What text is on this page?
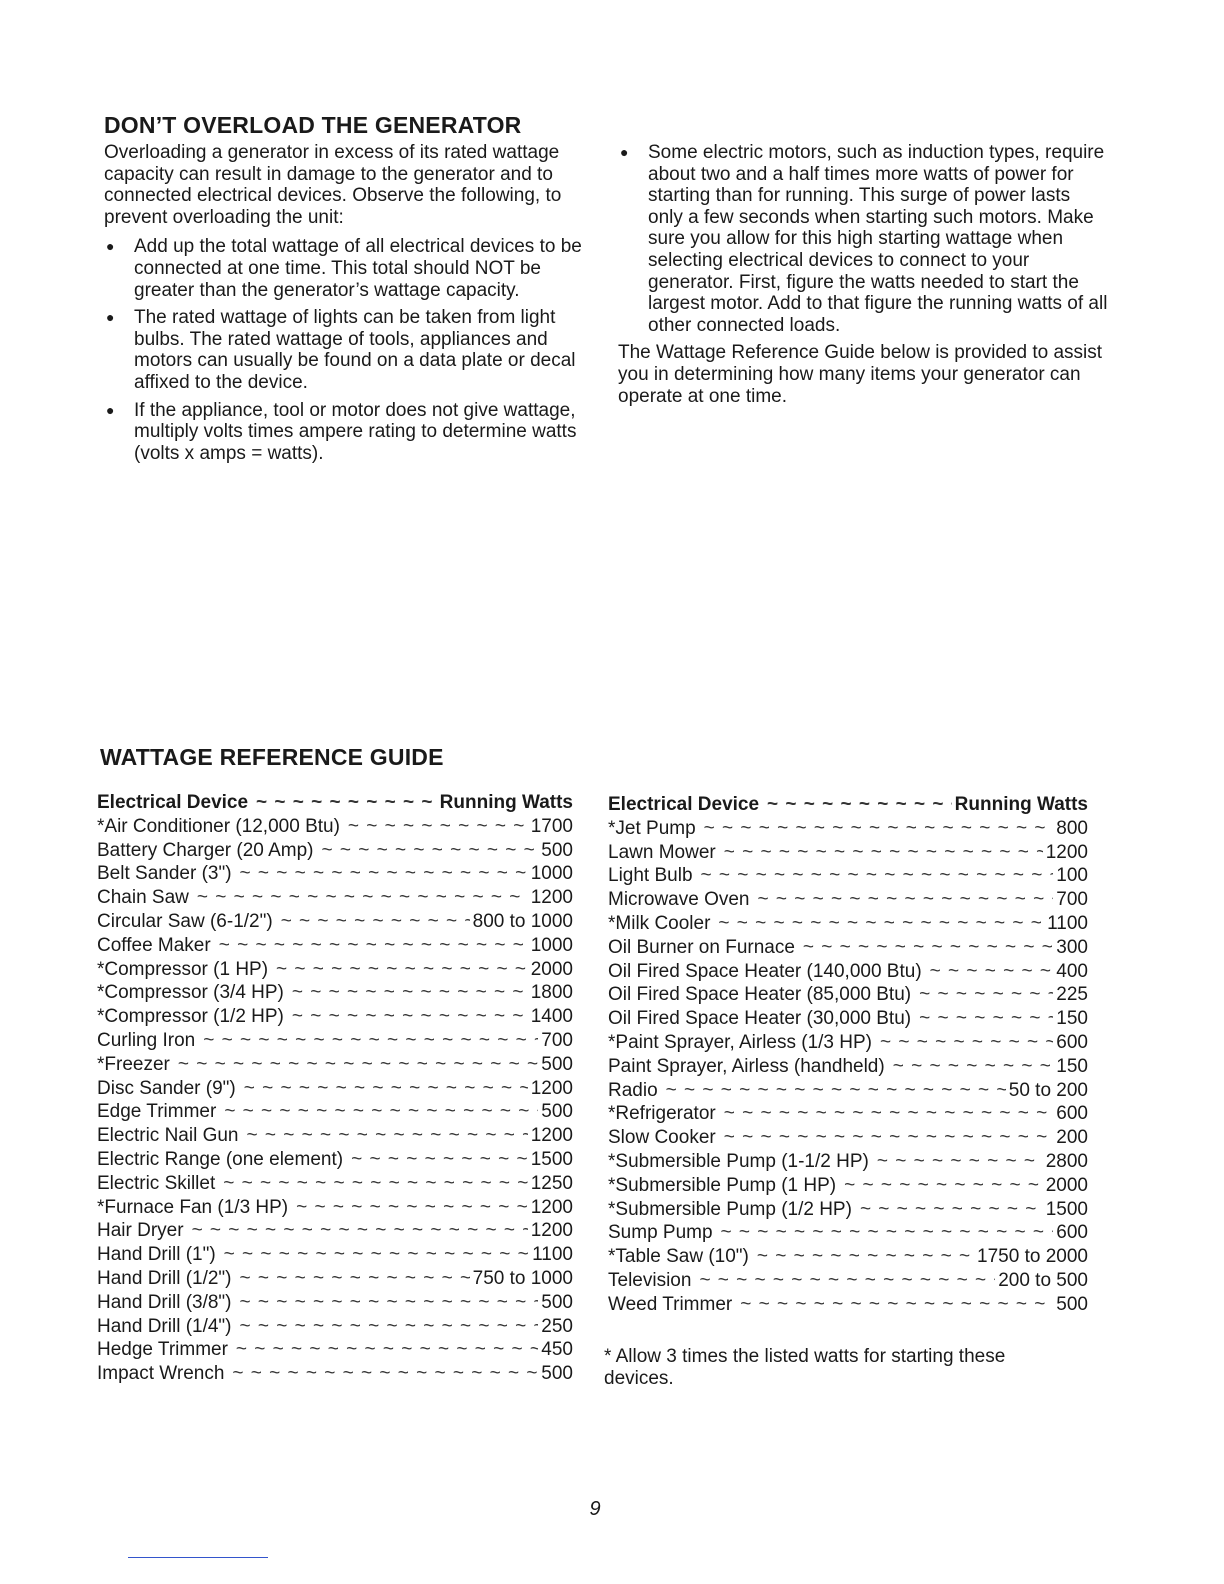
DON’T OVERLOAD THE GENERATOR

Overloading a generator in excess of its rated wattage capacity can result in damage to the generator and to connected electrical devices. Observe the following, to prevent overloading the unit:

● Add up the total wattage of all electrical devices to be connected at one time. This total should NOT be greater than the generator’s wattage capacity.
● The rated wattage of lights can be taken from light bulbs. The rated wattage of tools, appliances and motors can usually be found on a data plate or decal affixed to the device.
● If the appliance, tool or motor does not give wattage, multiply volts times ampere rating to determine watts (volts x amps = watts).
● Some electric motors, such as induction types, require about two and a half times more watts of power for starting than for running. This surge of power lasts only a few seconds when starting such motors. Make sure you allow for this high starting wattage when selecting electrical devices to connect to your generator. First, figure the watts needed to start the largest motor. Add to that figure the running watts of all other connected loads.

The Wattage Reference Guide below is provided to assist you in determining how many items your generator can operate at one time.

WATTAGE REFERENCE GUIDE
Electrical Device ~ ~ ~	Running Watts
*Air Conditioner (12,000 Btu) ~ ~ ~	1700
Battery Charger (20 Amp) ~ ~ ~	500
Belt Sander (3") ~ ~ ~	1000
Chain Saw ~ ~ ~	1200
Circular Saw (6-1/2") ~ ~ ~	800 to 1000
Coffee Maker ~ ~ ~	1000
*Compressor (1 HP) ~ ~ ~	2000
*Compressor (3/4 HP) ~ ~ ~	1800
*Compressor (1/2 HP) ~ ~ ~	1400
Curling Iron ~ ~ ~	700
*Freezer ~ ~ ~	500
Disc Sander (9") ~ ~ ~	1200
Edge Trimmer ~ ~ ~	500
Electric Nail Gun ~ ~ ~	1200
Electric Range (one element) ~ ~ ~	1500
Electric Skillet ~ ~ ~	1250
*Furnace Fan (1/3 HP) ~ ~ ~	1200
Hair Dryer ~ ~ ~	1200
Hand Drill (1") ~ ~ ~	1100
Hand Drill (1/2") ~ ~ ~	750 to 1000
Hand Drill (3/8") ~ ~ ~	500
Hand Drill (1/4") ~ ~ ~	250
Hedge Trimmer ~ ~ ~	450
Impact Wrench ~ ~ ~	500
Electrical Device ~ ~ ~	Running Watts
*Jet Pump ~ ~ ~	800
Lawn Mower ~ ~ ~	1200
Light Bulb ~ ~ ~	100
Microwave Oven ~ ~ ~	700
*Milk Cooler ~ ~ ~	1100
Oil Burner on Furnace ~ ~ ~	300
Oil Fired Space Heater (140,000 Btu) ~ ~ ~	400
Oil Fired Space Heater (85,000 Btu) ~ ~ ~	225
Oil Fired Space Heater (30,000 Btu) ~ ~ ~	150
*Paint Sprayer, Airless (1/3 HP) ~ ~ ~	600
Paint Sprayer, Airless (handheld) ~ ~ ~	150
Radio ~ ~ ~	50 to 200
*Refrigerator ~ ~ ~	600
Slow Cooker ~ ~ ~	200
*Submersible Pump (1-1/2 HP) ~ ~ ~	2800
*Submersible Pump (1 HP) ~ ~ ~	2000
*Submersible Pump (1/2 HP) ~ ~ ~	1500
Sump Pump ~ ~ ~	600
*Table Saw (10") ~ ~ ~	1750 to 2000
Television ~ ~ ~	200 to 500
Weed Trimmer ~ ~ ~	500
* Allow 3 times the listed watts for starting these devices.
9
